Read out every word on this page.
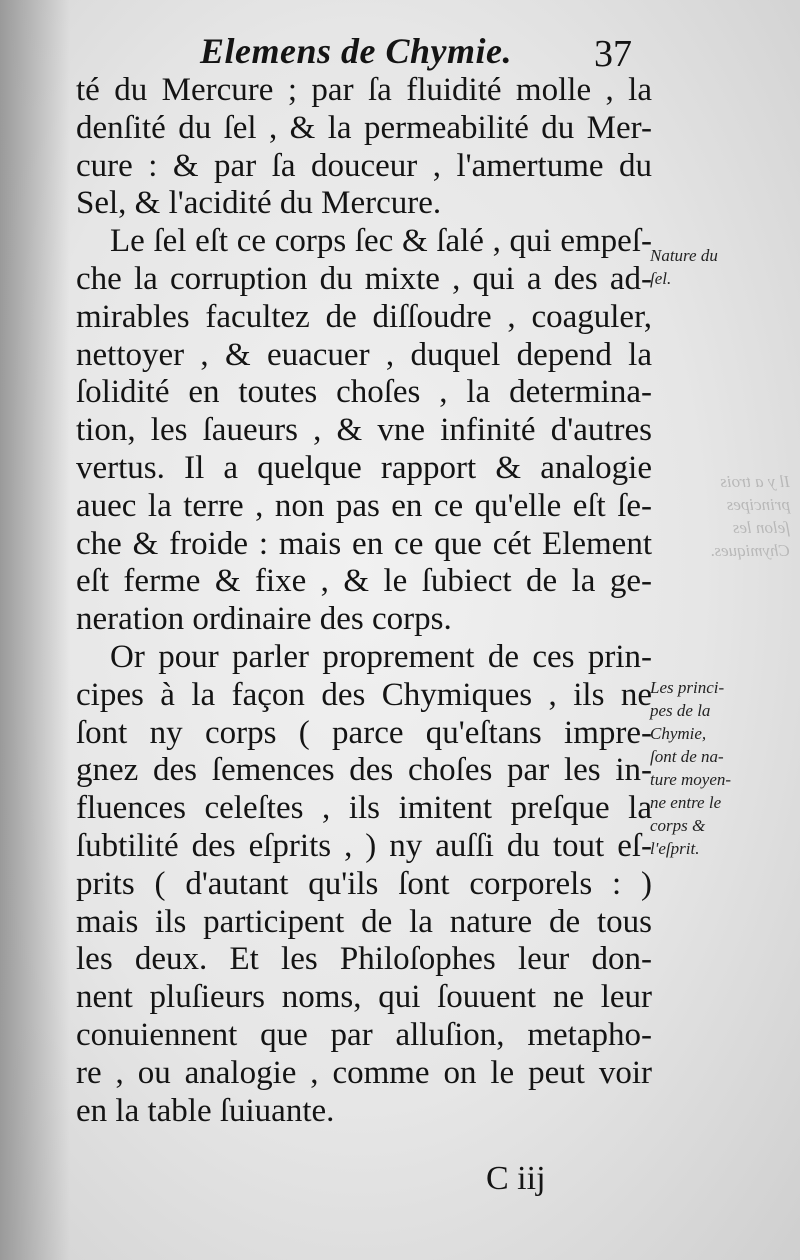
Elemens de Chymie. 37
Il y a trois
principes
ſelon les
Chymiques.
té du Mercure ; par ſa fluidité molle , la
denſité du ſel , & la permeabilité du Mer-
cure : & par ſa douceur , l'amertume du
Sel, & l'acidité du Mercure.
Le ſel eſt ce corps ſec & ſalé , qui empeſ-
che la corruption du mixte , qui a des ad-
mirables facultez de diſſoudre , coaguler,
nettoyer , & euacuer , duquel depend la
ſolidité en toutes choſes , la determina-
tion, les ſaueurs , & vne infinité d'autres
vertus. Il a quelque rapport & analogie
auec la terre , non pas en ce qu'elle eſt ſe-
che & froide : mais en ce que cét Element
eſt ferme & fixe , & le ſubiect de la ge-
neration ordinaire des corps.
Or pour parler proprement de ces prin-
cipes à la façon des Chymiques , ils ne
ſont ny corps ( parce qu'eſtans impre-
gnez des ſemences des choſes par les in-
fluences celeſtes , ils imitent preſque la
ſubtilité des eſprits , ) ny auſſi du tout eſ-
prits ( d'autant qu'ils ſont corporels : )
mais ils participent de la nature de tous
les deux. Et les Philoſophes leur don-
nent pluſieurs noms, qui ſouuent ne leur
conuiennent que par alluſion, metapho-
re , ou analogie , comme on le peut voir
en la table ſuiuante.
Nature du
ſel.
Les princi-
pes de la
Chymie,
ſont de na-
ture moyen-
ne entre le
corps &
l'eſprit.
C iij
